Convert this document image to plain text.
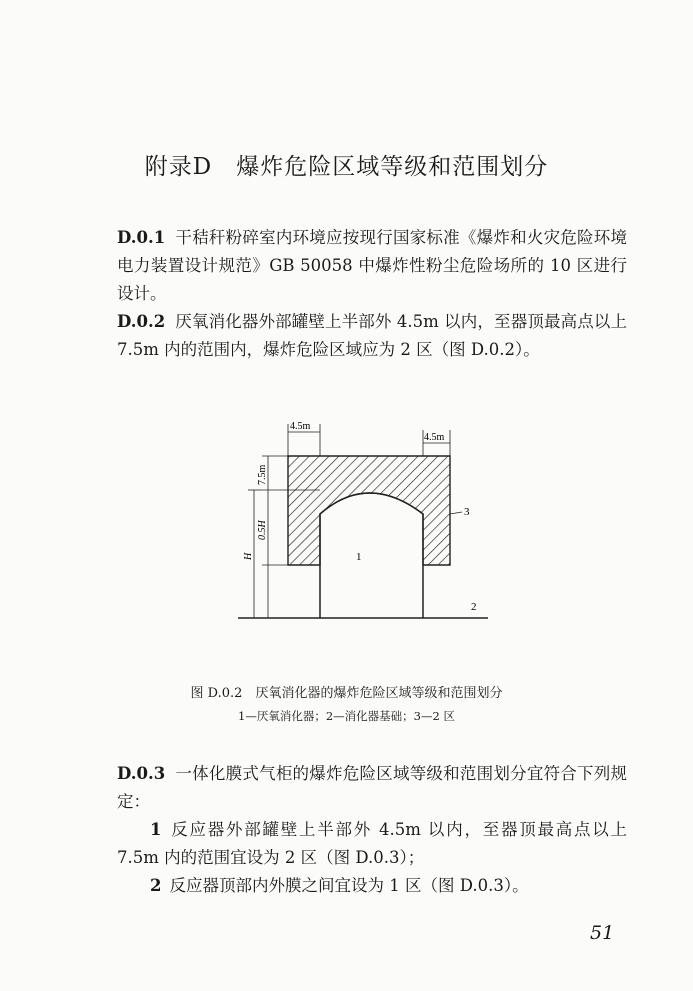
附录D　爆炸危险区域等级和范围划分
D.0.1 干秸秆粉碎室内环境应按现行国家标准《爆炸和火灾危险环境电力装置设计规范》GB 50058 中爆炸性粉尘危险场所的 10 区进行设计。
D.0.2 厌氧消化器外部罐壁上半部外 4.5m 以内，至器顶最高点以上 7.5m 内的范围内，爆炸危险区域应为 2 区（图 D.0.2）。
4.5m
4.5m
7.5m
0.5H
H	1
3
2
图 D.0.2　厌氧消化器的爆炸危险区域等级和范围划分
1—厌氧消化器；2—消化器基础；3—2 区
D.0.3 一体化膜式气柜的爆炸危险区域等级和范围划分宜符合下列规定：
1 反应器外部罐壁上半部外 4.5m 以内，至器顶最高点以上 7.5m 内的范围宜设为 2 区（图 D.0.3）；
2 反应器顶部内外膜之间宜设为 1 区（图 D.0.3）。
51
